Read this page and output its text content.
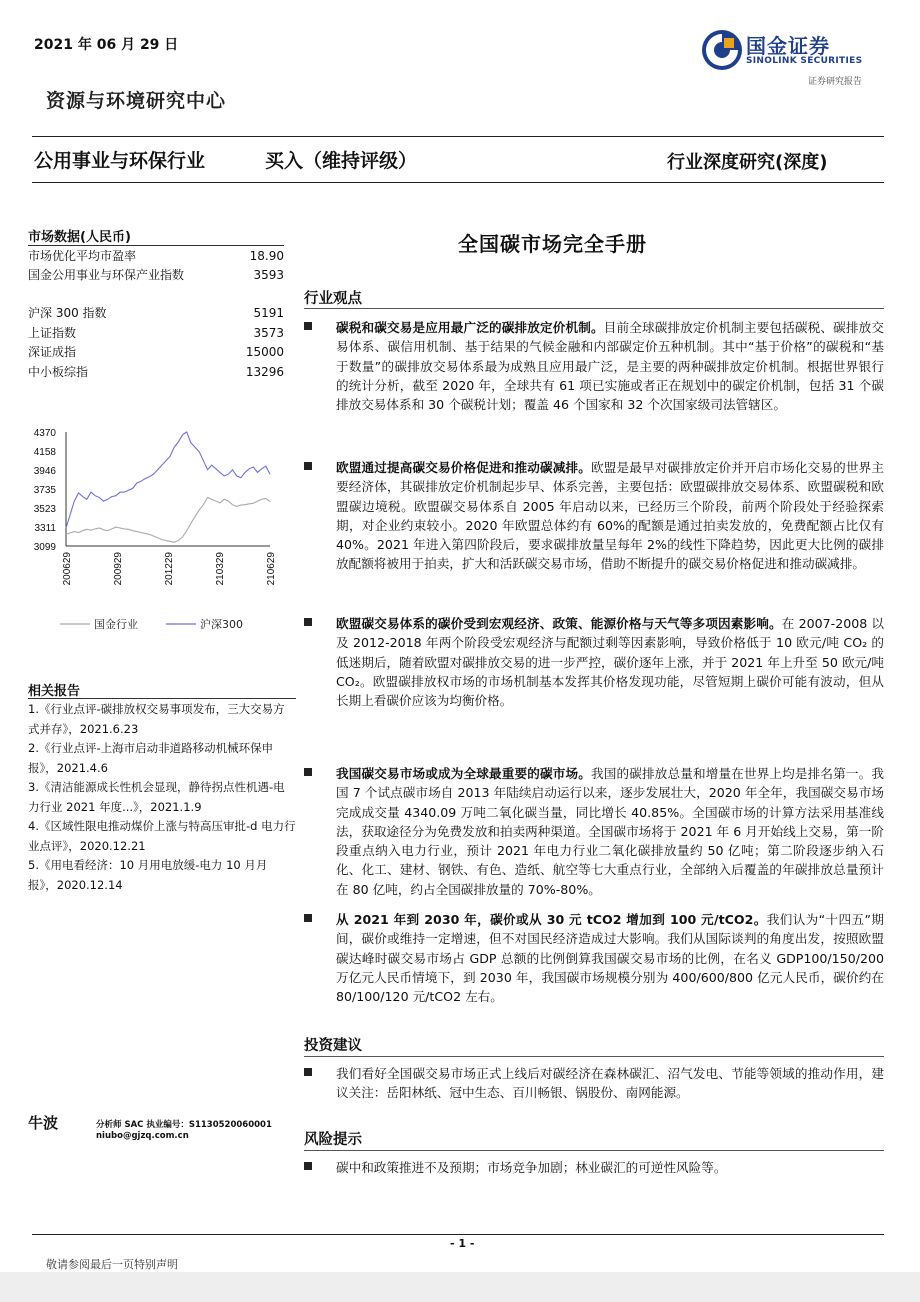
2021 年 06 月 29 日	国金证券
SINOLINK SECURITIES
证券研究报告
资源与环境研究中心
公用事业与环保行业	买入（维持评级）	行业深度研究(深度)
市场数据(人民币)
市场优化平均市盈率	18.90
国金公用事业与环保产业指数	3593
沪深 300 指数	5191
上证指数	3573
深证成指	15000
中小板综指	13296
4370
4158
3946
3735
3523
3311
3099
200629	200929	201229	210329	210629
国金行业	沪深300
相关报告
1.《行业点评-碳排放权交易事项发布，三大交易方式并存》，2021.6.23
2.《行业点评-上海市启动非道路移动机械环保申报》，2021.4.6
3.《清洁能源成长性机会显现，静待拐点性机遇-电力行业 2021 年度...》，2021.1.9
4.《区域性限电推动煤价上涨与特高压审批-d 电力行业点评》，2020.12.21
5.《用电看经济：10 月用电放缓-电力 10 月月报》，2020.12.14
全国碳市场完全手册
行业观点
碳税和碳交易是应用最广泛的碳排放定价机制。目前全球碳排放定价机制主要包括碳税、碳排放交易体系、碳信用机制、基于结果的气候金融和内部碳定价五种机制。其中“基于价格”的碳税和“基于数量”的碳排放交易体系最为成熟且应用最广泛，是主要的两种碳排放定价机制。根据世界银行的统计分析，截至 2020 年，全球共有 61 项已实施或者正在规划中的碳定价机制，包括 31 个碳排放交易体系和 30 个碳税计划；覆盖 46 个国家和 32 个次国家级司法管辖区。
欧盟通过提高碳交易价格促进和推动碳减排。欧盟是最早对碳排放定价并开启市场化交易的世界主要经济体，其碳排放定价机制起步早、体系完善，主要包括：欧盟碳排放交易体系、欧盟碳税和欧盟碳边境税。欧盟碳交易体系自 2005 年启动以来，已经历三个阶段，前两个阶段处于经验探索期，对企业约束较小。2020 年欧盟总体约有 60%的配额是通过拍卖发放的，免费配额占比仅有 40%。2021 年进入第四阶段后，要求碳排放量呈每年 2%的线性下降趋势，因此更大比例的碳排放配额将被用于拍卖，扩大和活跃碳交易市场，借助不断提升的碳交易价格促进和推动碳减排。
欧盟碳交易体系的碳价受到宏观经济、政策、能源价格与天气等多项因素影响。在 2007-2008 以及 2012-2018 年两个阶段受宏观经济与配额过剩等因素影响，导致价格低于 10 欧元/吨 CO₂ 的低迷期后，随着欧盟对碳排放交易的进一步严控，碳价逐年上涨，并于 2021 年上升至 50 欧元/吨 CO₂。欧盟碳排放权市场的市场机制基本发挥其价格发现功能，尽管短期上碳价可能有波动，但从长期上看碳价应该为均衡价格。
我国碳交易市场或成为全球最重要的碳市场。我国的碳排放总量和增量在世界上均是排名第一。我国 7 个试点碳市场自 2013 年陆续启动运行以来，逐步发展壮大，2020 年全年，我国碳交易市场完成成交量 4340.09 万吨二氧化碳当量，同比增长 40.85%。全国碳市场的计算方法采用基准线法，获取途径分为免费发放和拍卖两种渠道。全国碳市场将于 2021 年 6 月开始线上交易，第一阶段重点纳入电力行业，预计 2021 年电力行业二氧化碳排放量约 50 亿吨；第二阶段逐步纳入石化、化工、建材、钢铁、有色、造纸、航空等七大重点行业，全部纳入后覆盖的年碳排放总量预计在 80 亿吨，约占全国碳排放量的 70%-80%。
从 2021 年到 2030 年，碳价或从 30 元 tCO2 增加到 100 元/tCO2。我们认为“十四五”期间，碳价或维持一定增速，但不对国民经济造成过大影响。我们从国际谈判的角度出发，按照欧盟碳达峰时碳交易市场占 GDP 总额的比例倒算我国碳交易市场的比例，在名义 GDP100/150/200 万亿元人民币情境下，到 2030 年，我国碳市场规模分别为 400/600/800 亿元人民币，碳价约在 80/100/120 元/tCO2 左右。
投资建议
我们看好全国碳交易市场正式上线后对碳经济在森林碳汇、沼气发电、节能等领域的推动作用，建议关注：岳阳林纸、冠中生态、百川畅银、锅股份、南网能源。
风险提示
碳中和政策推进不及预期；市场竞争加剧；林业碳汇的可逆性风险等。
牛波	分析师 SAC 执业编号：S1130520060001
niubo@gjzq.com.cn
- 1 -
敬请参阅最后一页特别声明
